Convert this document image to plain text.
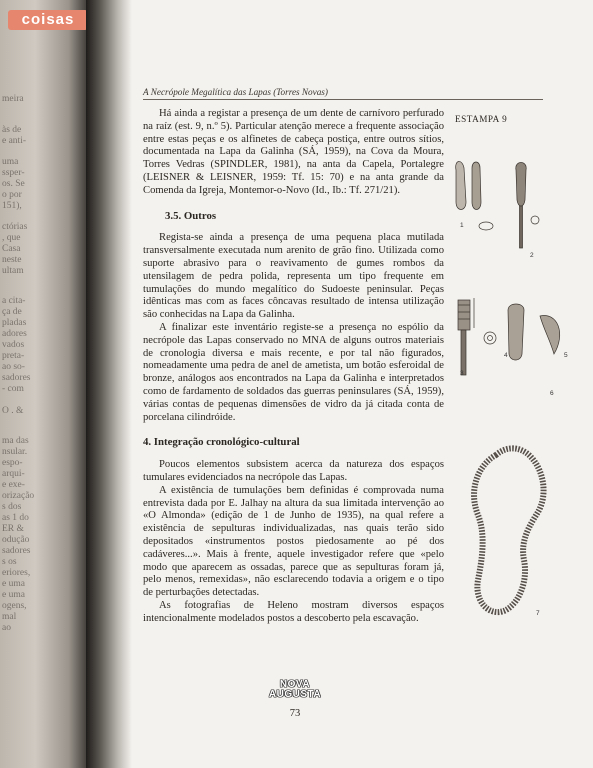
coisas
meira
às de
e anti-
uma
ssper-
os. Se
o por
151),
ctórias
, que
Casa
neste
ultam
a cita-
ça de
pladas
adores
vados
preta-
ao so-
sadores
- com
O . &
ma das
nsular.
espo-
arqui-
e exe-
orização
s dos
as 1 do
ER &
odução
sadores
s os
eriores,
e uma
e uma
ogens,
mal
ao
A Necrópole Megalítica das Lapas (Torres Novas)

Há ainda a registar a presença de um dente de carnívoro perfurado na raíz (est. 9, n.º 5). Particular atenção merece a frequente associação entre estas peças e os alfinetes de cabeça postiça, entre outros sítios, documentada na Lapa da Galinha (SÁ, 1959), na Cova da Moura, Torres Vedras (SPINDLER, 1981), na anta da Capela, Portalegre (LEISNER & LEISNER, 1959: Tf. 15: 70) e na anta grande da Comenda da Igreja, Montemor-o-Novo (Id., Ib.: Tf. 271/21).

3.5. Outros

Regista-se ainda a presença de uma pequena placa mutilada transversalmente executada num arenito de grão fino. Utilizada como suporte abrasivo para o reavivamento de gumes rombos da utensilagem de pedra polida, representa um tipo frequente em tumulações do mundo megalítico do Sudoeste peninsular. Peças idênticas mas com as faces côncavas resultado de intensa utilização são conhecidas na Lapa da Galinha.

A finalizar este inventário registe-se a presença no espólio da necrópole das Lapas conservado no MNA de alguns outros materiais de cronologia diversa e mais recente, e por tal não figurados, nomeadamente uma pedra de anel de ametista, um botão esferoidal de bronze, análogos aos encontrados na Lapa da Galinha e interpretados como de fardamento de soldados das guerras peninsulares (SÁ, 1959), várias contas de pequenas dimensões de vidro da já citada conta de porcelana cilindróide.

4. Integração cronológico-cultural

Poucos elementos subsistem acerca da natureza dos espaços tumulares evidenciados na necrópole das Lapas.

A existência de tumulações bem definidas é comprovada numa entrevista dada por E. Jalhay na altura da sua limitada intervenção ao «O Almonda» (edição de 1 de Junho de 1935), na qual refere a existência de sepulturas individualizadas, nas quais terão sido depositados «instrumentos postos piedosamente ao pé dos cadáveres...». Mais à frente, aquele investigador refere que «pelo modo que aparecem as ossadas, parece que as sepulturas foram já, pelo menos, remexidas», não esclarecendo todavia a origem e o tipo de perturbações detectadas.

As fotografias de Heleno mostram diversos espaços intencionalmente modelados postos a descoberto pela escavação.

ESTAMPA 9
1
2
3
4	5
6
7
NOVA
AUGUSTA
73
